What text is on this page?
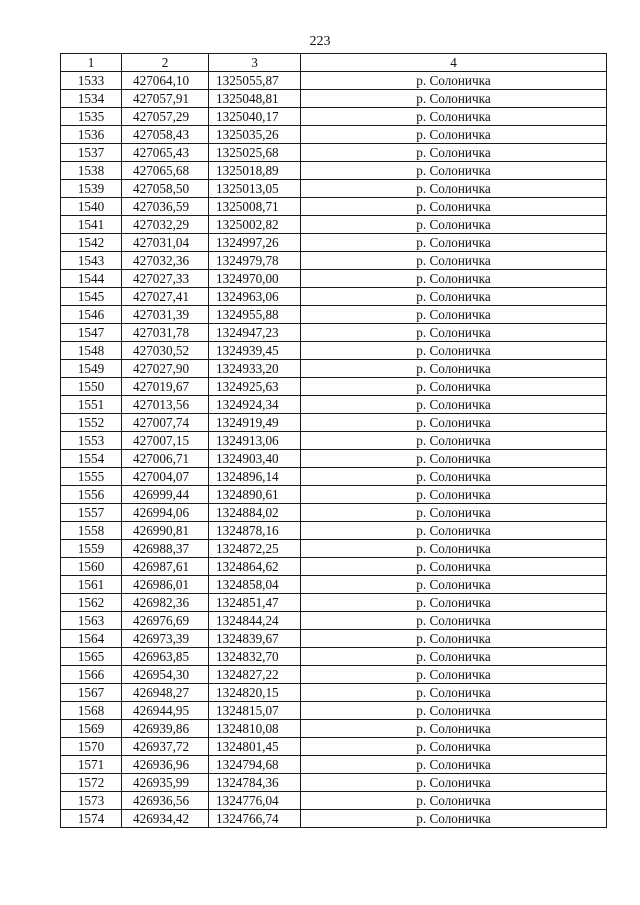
223
1	2	3	4
1533	427064,10	1325055,87	р. Солоничка
1534	427057,91	1325048,81	р. Солоничка
1535	427057,29	1325040,17	р. Солоничка
1536	427058,43	1325035,26	р. Солоничка
1537	427065,43	1325025,68	р. Солоничка
1538	427065,68	1325018,89	р. Солоничка
1539	427058,50	1325013,05	р. Солоничка
1540	427036,59	1325008,71	р. Солоничка
1541	427032,29	1325002,82	р. Солоничка
1542	427031,04	1324997,26	р. Солоничка
1543	427032,36	1324979,78	р. Солоничка
1544	427027,33	1324970,00	р. Солоничка
1545	427027,41	1324963,06	р. Солоничка
1546	427031,39	1324955,88	р. Солоничка
1547	427031,78	1324947,23	р. Солоничка
1548	427030,52	1324939,45	р. Солоничка
1549	427027,90	1324933,20	р. Солоничка
1550	427019,67	1324925,63	р. Солоничка
1551	427013,56	1324924,34	р. Солоничка
1552	427007,74	1324919,49	р. Солоничка
1553	427007,15	1324913,06	р. Солоничка
1554	427006,71	1324903,40	р. Солоничка
1555	427004,07	1324896,14	р. Солоничка
1556	426999,44	1324890,61	р. Солоничка
1557	426994,06	1324884,02	р. Солоничка
1558	426990,81	1324878,16	р. Солоничка
1559	426988,37	1324872,25	р. Солоничка
1560	426987,61	1324864,62	р. Солоничка
1561	426986,01	1324858,04	р. Солоничка
1562	426982,36	1324851,47	р. Солоничка
1563	426976,69	1324844,24	р. Солоничка
1564	426973,39	1324839,67	р. Солоничка
1565	426963,85	1324832,70	р. Солоничка
1566	426954,30	1324827,22	р. Солоничка
1567	426948,27	1324820,15	р. Солоничка
1568	426944,95	1324815,07	р. Солоничка
1569	426939,86	1324810,08	р. Солоничка
1570	426937,72	1324801,45	р. Солоничка
1571	426936,96	1324794,68	р. Солоничка
1572	426935,99	1324784,36	р. Солоничка
1573	426936,56	1324776,04	р. Солоничка
1574	426934,42	1324766,74	р. Солоничка
